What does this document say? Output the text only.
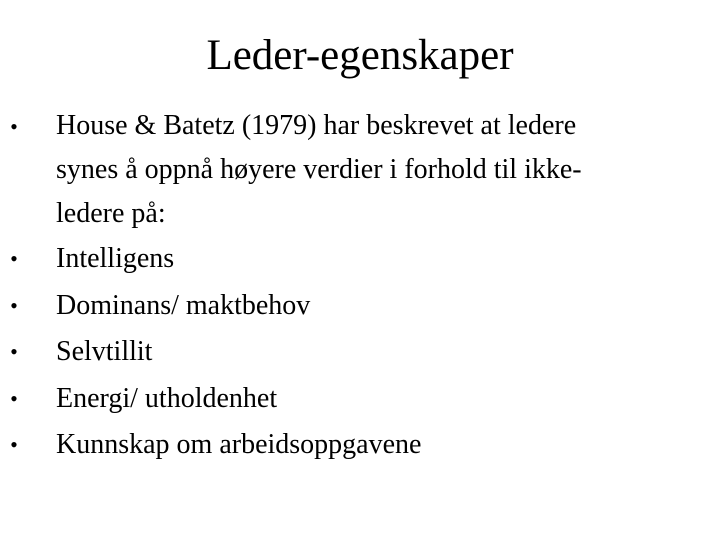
Leder-egenskaper
• House & Batetz (1979) har beskrevet at ledere
synes å oppnå høyere verdier i forhold til ikke-
ledere på:
• Intelligens
• Dominans/ maktbehov
• Selvtillit
• Energi/ utholdenhet
• Kunnskap om arbeidsoppgavene
